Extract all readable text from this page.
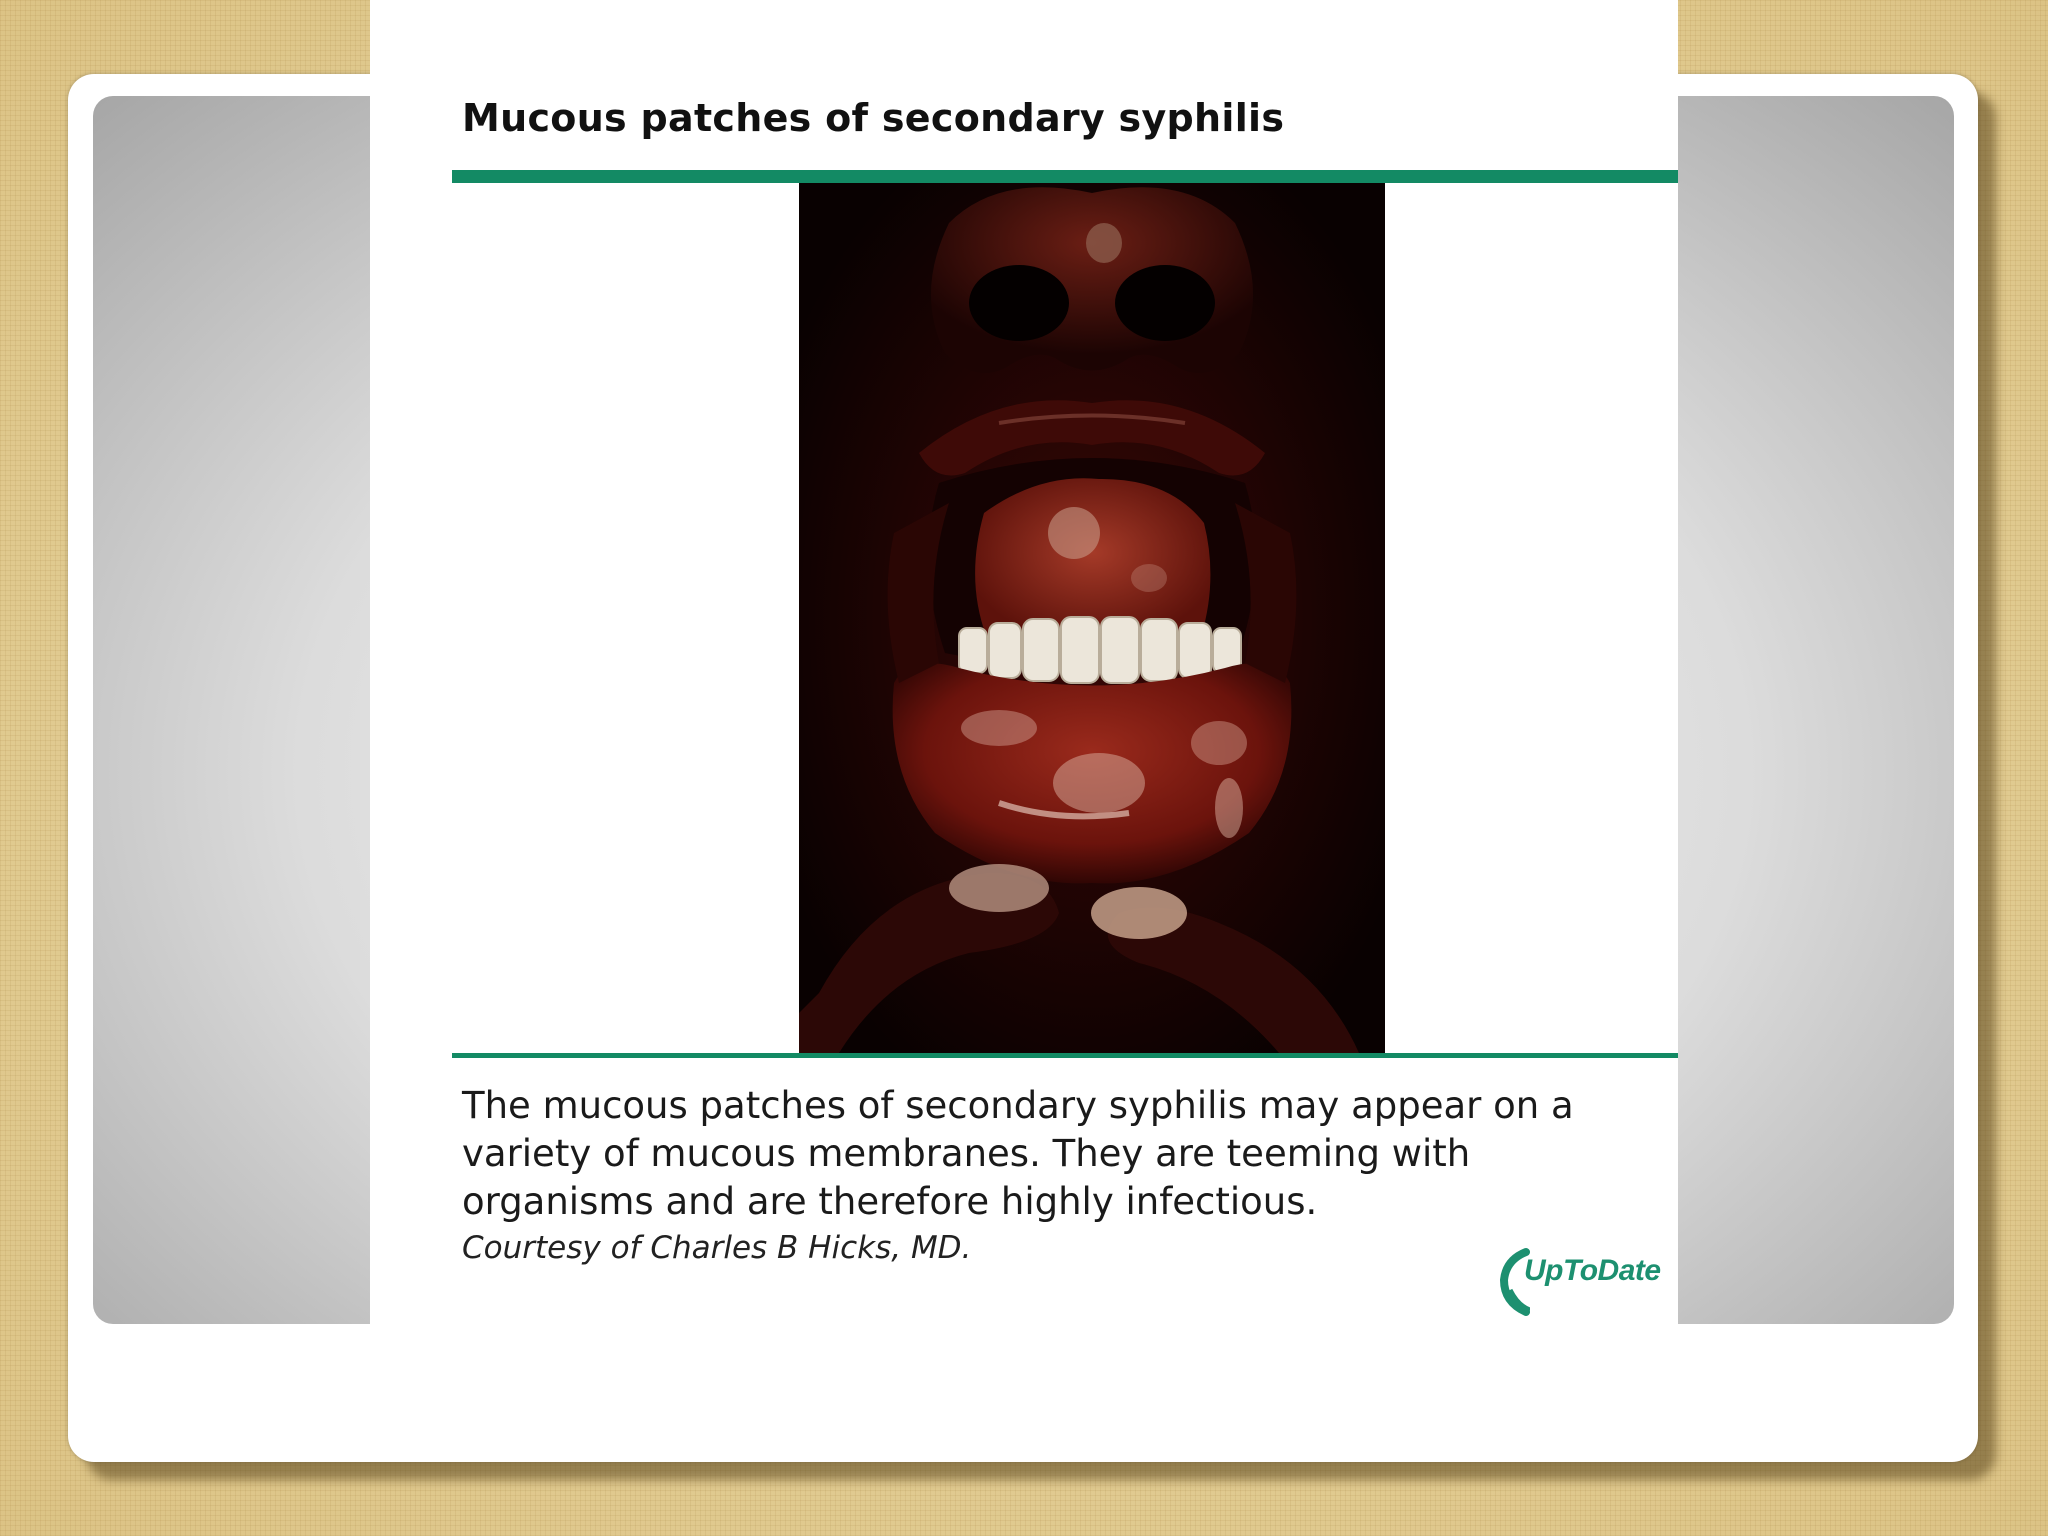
Mucous patches of secondary syphilis

The mucous patches of secondary syphilis may appear on a variety of mucous membranes. They are teeming with organisms and are therefore highly infectious.

Courtesy of Charles B Hicks, MD.

UpToDate
